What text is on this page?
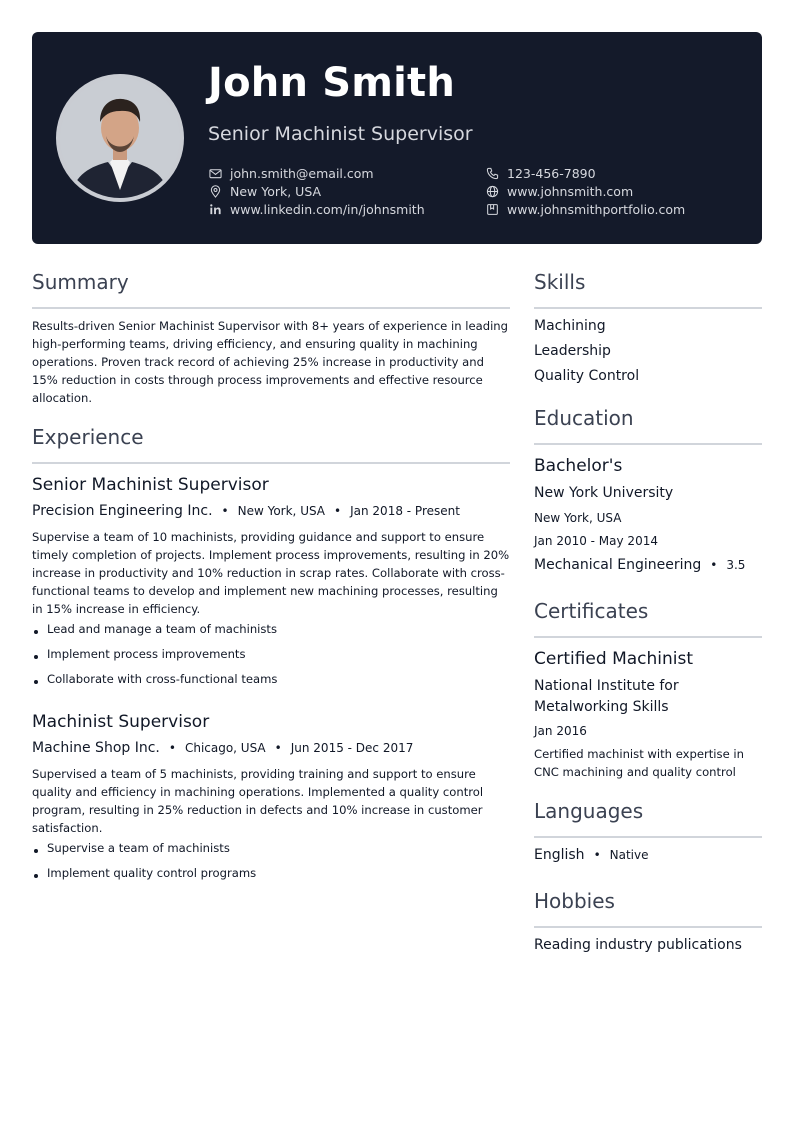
John Smith
Senior Machinist Supervisor
john.smith@email.com
New York, USA
www.linkedin.com/in/johnsmith
123-456-7890
www.johnsmith.com
www.johnsmithportfolio.com
Summary
Results-driven Senior Machinist Supervisor with 8+ years of experience in leading high-performing teams, driving efficiency, and ensuring quality in machining operations. Proven track record of achieving 25% increase in productivity and 15% reduction in costs through process improvements and effective resource allocation.
Experience
Senior Machinist Supervisor
Precision Engineering Inc. • New York, USA • Jan 2018 - Present
Supervise a team of 10 machinists, providing guidance and support to ensure timely completion of projects. Implement process improvements, resulting in 20% increase in productivity and 10% reduction in scrap rates. Collaborate with cross-functional teams to develop and implement new machining processes, resulting in 15% increase in efficiency.
Lead and manage a team of machinists
Implement process improvements
Collaborate with cross-functional teams
Machinist Supervisor
Machine Shop Inc. • Chicago, USA • Jun 2015 - Dec 2017
Supervised a team of 5 machinists, providing training and support to ensure quality and efficiency in machining operations. Implemented a quality control program, resulting in 25% reduction in defects and 10% increase in customer satisfaction.
Supervise a team of machinists
Implement quality control programs
Skills
Machining
Leadership
Quality Control
Education
Bachelor's
New York University
New York, USA
Jan 2010 - May 2014
Mechanical Engineering • 3.5
Certificates
Certified Machinist
National Institute for
Metalworking Skills
Jan 2016
Certified machinist with expertise in CNC machining and quality control
Languages
English • Native
Hobbies
Reading industry publications
